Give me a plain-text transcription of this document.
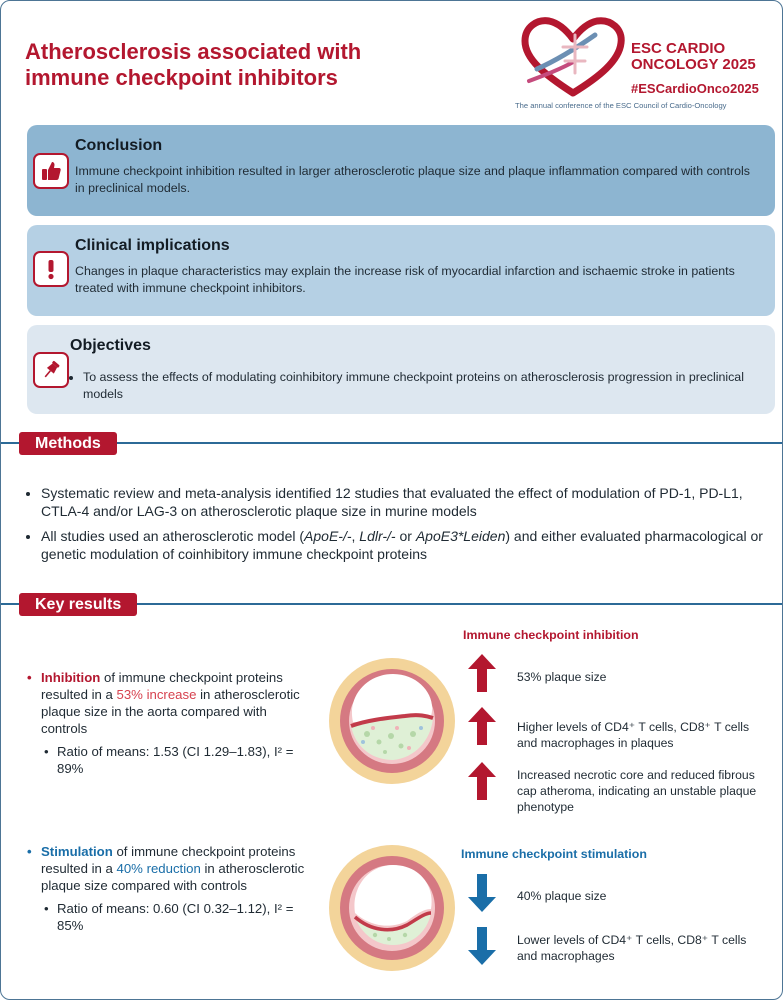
Atherosclerosis associated with
immune checkpoint inhibitors
ESC CARDIO
ONCOLOGY 2025
#ESCardioOnco2025
The annual conference of the ESC Council of Cardio-Oncology
Conclusion

Immune checkpoint inhibition resulted in larger atherosclerotic plaque size and plaque inflammation compared with controls in preclinical models.

Clinical implications

Changes in plaque characteristics may explain the increase risk of myocardial infarction and ischaemic stroke in patients treated with immune checkpoint inhibitors.

Objectives
• To assess the effects of modulating coinhibitory immune checkpoint proteins on atherosclerosis progression in preclinical models
Methods
• Systematic review and meta-analysis identified 12 studies that evaluated the effect of modulation of PD-1, PD-L1, CTLA-4 and/or LAG-3 on atherosclerotic plaque size in murine models
• All studies used an atherosclerotic model (ApoE-/-, Ldlr-/- or ApoE3*Leiden) and either evaluated pharmacological or genetic modulation of coinhibitory immune checkpoint proteins
Key results

• Inhibition of immune checkpoint proteins resulted in a 53% increase in atherosclerotic plaque size in the aorta compared with controls

• Ratio of means: 1.53 (CI 1.29–1.83), I² = 89%

Immune checkpoint inhibition

53% plaque size

Higher levels of CD4⁺ T cells, CD8⁺ T cells and macrophages in plaques

Increased necrotic core and reduced fibrous cap atheroma, indicating an unstable plaque phenotype

• Stimulation of immune checkpoint proteins resulted in a 40% reduction in atherosclerotic plaque size compared with controls

• Ratio of means: 0.60 (CI 0.32–1.12), I² = 85%

Immune checkpoint stimulation

40% plaque size

Lower levels of CD4⁺ T cells, CD8⁺ T cells and macrophages
